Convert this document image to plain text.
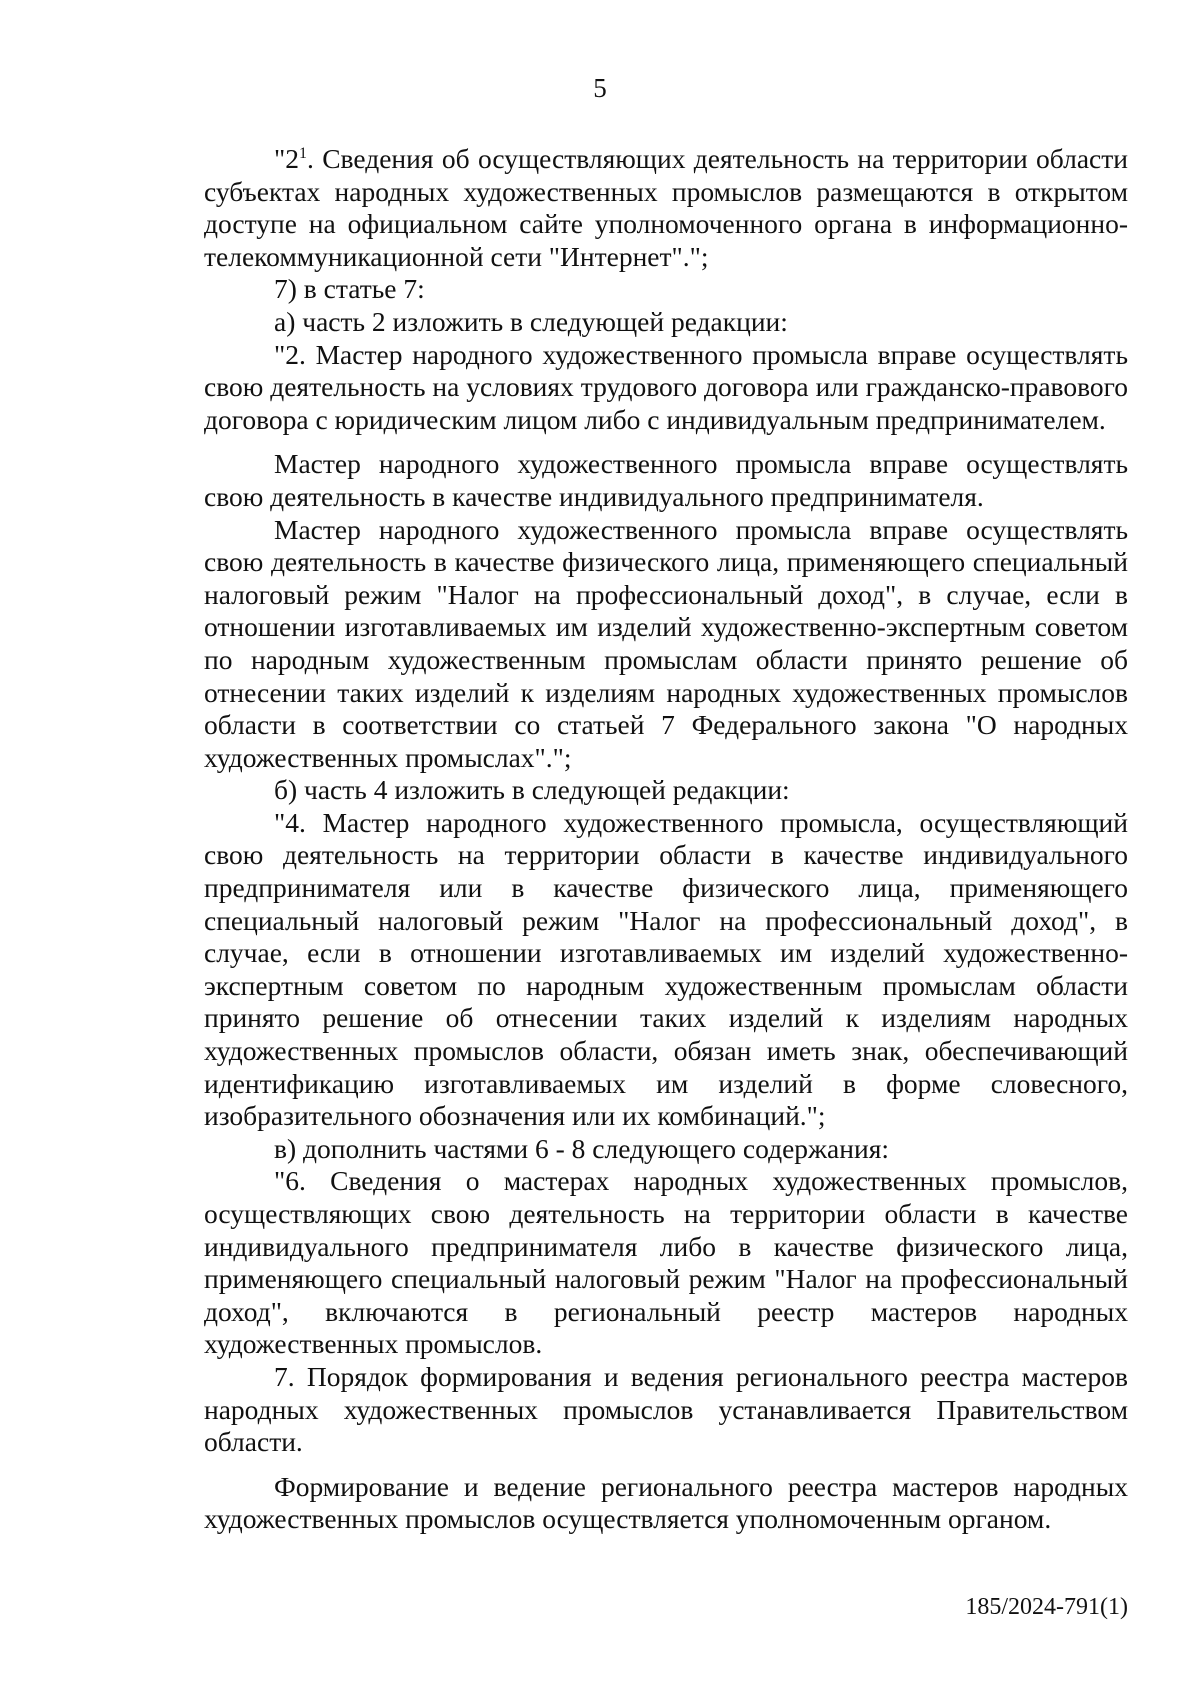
5

"$2^1$. Сведения об осуществляющих деятельность на территории области субъектах народных художественных промыслов размещаются в открытом доступе на официальном сайте уполномоченного органа в информационно-телекоммуникационной сети "Интернет".";

7) в статье 7:

а) часть 2 изложить в следующей редакции:

"2. Мастер народного художественного промысла вправе осуществлять свою деятельность на условиях трудового договора или гражданско-правового договора с юридическим лицом либо с индивидуальным предпринимателем.

Мастер народного художественного промысла вправе осуществлять свою деятельность в качестве индивидуального предпринимателя.

Мастер народного художественного промысла вправе осуществлять свою деятельность в качестве физического лица, применяющего специальный налоговый режим "Налог на профессиональный доход", в случае, если в отношении изготавливаемых им изделий художественно-экспертным советом по народным художественным промыслам области принято решение об отнесении таких изделий к изделиям народных художественных промыслов области в соответствии со статьей 7 Федерального закона "О народных художественных промыслах".";

б) часть 4 изложить в следующей редакции:

"4. Мастер народного художественного промысла, осуществляющий свою деятельность на территории области в качестве индивидуального предпринимателя или в качестве физического лица, применяющего специальный налоговый режим "Налог на профессиональный доход", в случае, если в отношении изготавливаемых им изделий художественно-экспертным советом по народным художественным промыслам области принято решение об отнесении таких изделий к изделиям народных художественных промыслов области, обязан иметь знак, обеспечивающий идентификацию изготавливаемых им изделий в форме словесного, изобразительного обозначения или их комбинаций.";

в) дополнить частями 6 - 8 следующего содержания:

"6. Сведения о мастерах народных художественных промыслов, осуществляющих свою деятельность на территории области в качестве индивидуального предпринимателя либо в качестве физического лица, применяющего специальный налоговый режим "Налог на профессиональный доход", включаются в региональный реестр мастеров народных художественных промыслов.

7. Порядок формирования и ведения регионального реестра мастеров народных художественных промыслов устанавливается Правительством области.

Формирование и ведение регионального реестра мастеров народных художественных промыслов осуществляется уполномоченным органом.

185/2024-791(1)
